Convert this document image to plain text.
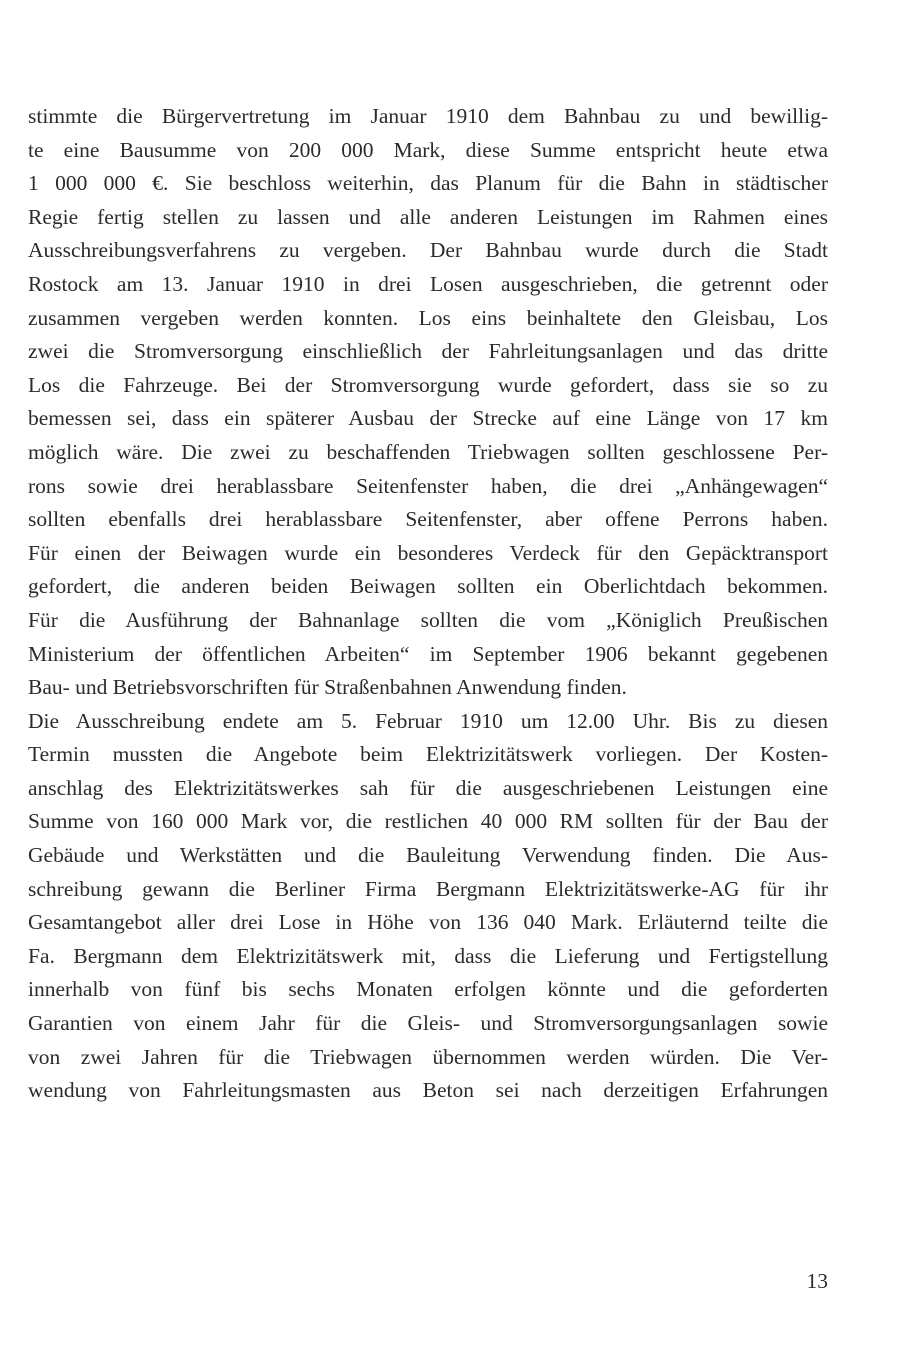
stimmte die Bürgervertretung im Januar 1910 dem Bahnbau zu und bewillig-
te eine Bausumme von 200 000 Mark, diese Summe entspricht heute etwa
1 000 000 €. Sie beschloss weiterhin, das Planum für die Bahn in städtischer
Regie fertig stellen zu lassen und alle anderen Leistungen im Rahmen eines
Ausschreibungsverfahrens zu vergeben. Der Bahnbau wurde durch die Stadt
Rostock am 13. Januar 1910 in drei Losen ausgeschrieben, die getrennt oder
zusammen vergeben werden konnten. Los eins beinhaltete den Gleisbau, Los
zwei die Stromversorgung einschließlich der Fahrleitungsanlagen und das dritte
Los die Fahrzeuge. Bei der Stromversorgung wurde gefordert, dass sie so zu
bemessen sei, dass ein späterer Ausbau der Strecke auf eine Länge von 17 km
möglich wäre. Die zwei zu beschaffenden Triebwagen sollten geschlossene Per-
rons sowie drei herablassbare Seitenfenster haben, die drei „Anhängewagen“
sollten ebenfalls drei herablassbare Seitenfenster, aber offene Perrons haben.
Für einen der Beiwagen wurde ein besonderes Verdeck für den Gepäcktransport
gefordert, die anderen beiden Beiwagen sollten ein Oberlichtdach bekommen.
Für die Ausführung der Bahnanlage sollten die vom „Königlich Preußischen
Ministerium der öffentlichen Arbeiten“ im September 1906 bekannt gegebenen
Bau- und Betriebsvorschriften für Straßenbahnen Anwendung finden.
Die Ausschreibung endete am 5. Februar 1910 um 12.00 Uhr. Bis zu diesen
Termin mussten die Angebote beim Elektrizitätswerk vorliegen. Der Kosten-
anschlag des Elektrizitätswerkes sah für die ausgeschriebenen Leistungen eine
Summe von 160 000 Mark vor, die restlichen 40 000 RM sollten für der Bau der
Gebäude und Werkstätten und die Bauleitung Verwendung finden. Die Aus-
schreibung gewann die Berliner Firma Bergmann Elektrizitätswerke-AG für ihr
Gesamtangebot aller drei Lose in Höhe von 136 040 Mark. Erläuternd teilte die
Fa. Bergmann dem Elektrizitätswerk mit, dass die Lieferung und Fertigstellung
innerhalb von fünf bis sechs Monaten erfolgen könnte und die geforderten
Garantien von einem Jahr für die Gleis- und Stromversorgungsanlagen sowie
von zwei Jahren für die Triebwagen übernommen werden würden. Die Ver-
wendung von Fahrleitungsmasten aus Beton sei nach derzeitigen Erfahrungen
13
